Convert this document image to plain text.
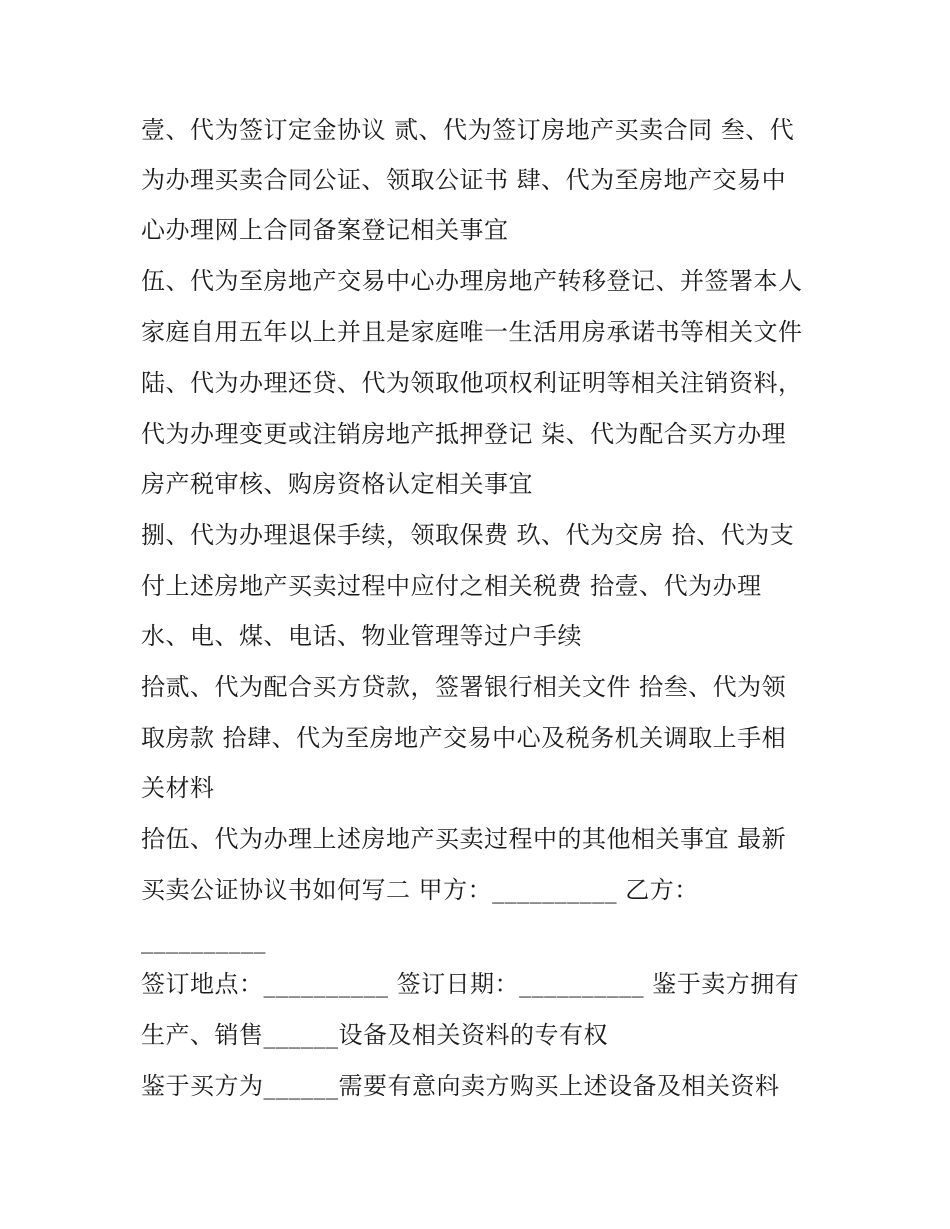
壹、代为签订定金协议 贰、代为签订房地产买卖合同 叁、代
为办理买卖合同公证、领取公证书 肆、代为至房地产交易中
心办理网上合同备案登记相关事宜
伍、代为至房地产交易中心办理房地产转移登记、并签署本人
家庭自用五年以上并且是家庭唯一生活用房承诺书等相关文件
陆、代为办理还贷、代为领取他项权利证明等相关注销资料，
代为办理变更或注销房地产抵押登记 柒、代为配合买方办理
房产税审核、购房资格认定相关事宜
捌、代为办理退保手续，领取保费 玖、代为交房 拾、代为支
付上述房地产买卖过程中应付之相关税费 拾壹、代为办理
水、电、煤、电话、物业管理等过户手续
拾贰、代为配合买方贷款，签署银行相关文件 拾叁、代为领
取房款 拾肆、代为至房地产交易中心及税务机关调取上手相
关材料
拾伍、代为办理上述房地产买卖过程中的其他相关事宜 最新
买卖公证协议书如何写二 甲方：__________ 乙方：
__________
签订地点：__________ 签订日期：__________ 鉴于卖方拥有
生产、销售______设备及相关资料的专有权
鉴于买方为______需要有意向卖方购买上述设备及相关资料
